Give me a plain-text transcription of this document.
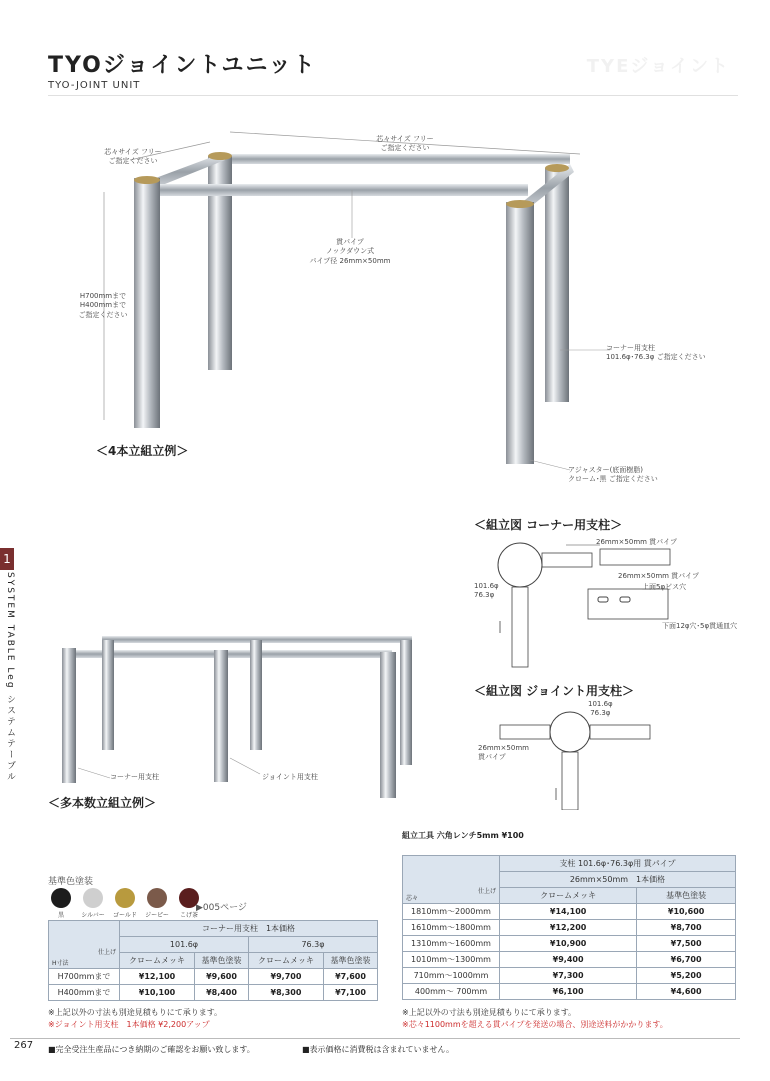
TYOジョイントユニット
TYO-JOINT UNIT
TYEジョイント
芯々サイズ フリー
ご指定ください
芯々サイズ フリー
ご指定ください
H700mmまで
H400mmまで
ご指定ください
貫パイプ
ノックダウン式
パイプ径 26mm×50mm
コーナー用支柱
101.6φ･76.3φ ご指定ください
アジャスター(底面樹脂)
クローム･黒 ご指定ください
＜4本立組立例＞
1
SYSTEM TABLE Leg システムテーブル
＜組立図 コーナー用支柱＞
26mm×50mm 貫パイプ
26mm×50mm 貫パイプ
上面5φビス穴
下面12φ穴･5φ貫通皿穴
101.6φ
76.3φ
＜組立図 ジョイント用支柱＞
101.6φ
76.3φ
26mm×50mm
貫パイプ
コーナー用支柱	ジョイント用支柱
＜多本数立組立例＞
基準色塗装
黒	シルバー ゴールド ジーピー こげ茶
▶005ページ
仕上げ
H寸法	コーナー用支柱　1本価格			
	101.6φ		76.3φ	
	クロームメッキ	基準色塗装	クロームメッキ	基準色塗装
H700mmまで	¥12,100	¥9,600	¥9,700	¥7,600
H400mmまで	¥10,100	¥8,400	¥8,300	¥7,100
※上記以外の寸法も別途見積もりにて承ります。
※ジョイント用支柱　1本価格 ¥2,200アップ
組立工具 六角レンチ5mm ¥100
仕上げ
芯々	支柱 101.6φ･76.3φ用 貫パイプ	
	26mm×50mm　1本価格	
	クロームメッキ	基準色塗装
1810mm〜2000mm	¥14,100	¥10,600
1610mm〜1800mm	¥12,200	¥8,700
1310mm〜1600mm	¥10,900	¥7,500
1010mm〜1300mm	¥9,400	¥6,700
710mm〜1000mm	¥7,300	¥5,200
400mm〜 700mm	¥6,100	¥4,600
※上記以外の寸法も別途見積もりにて承ります。
※芯々1100mmを超える貫パイプを発送の場合、別途送料がかかります。
267 ■完全受注生産品につき納期のご確認をお願い致します。	■表示価格に消費税は含まれていません。
